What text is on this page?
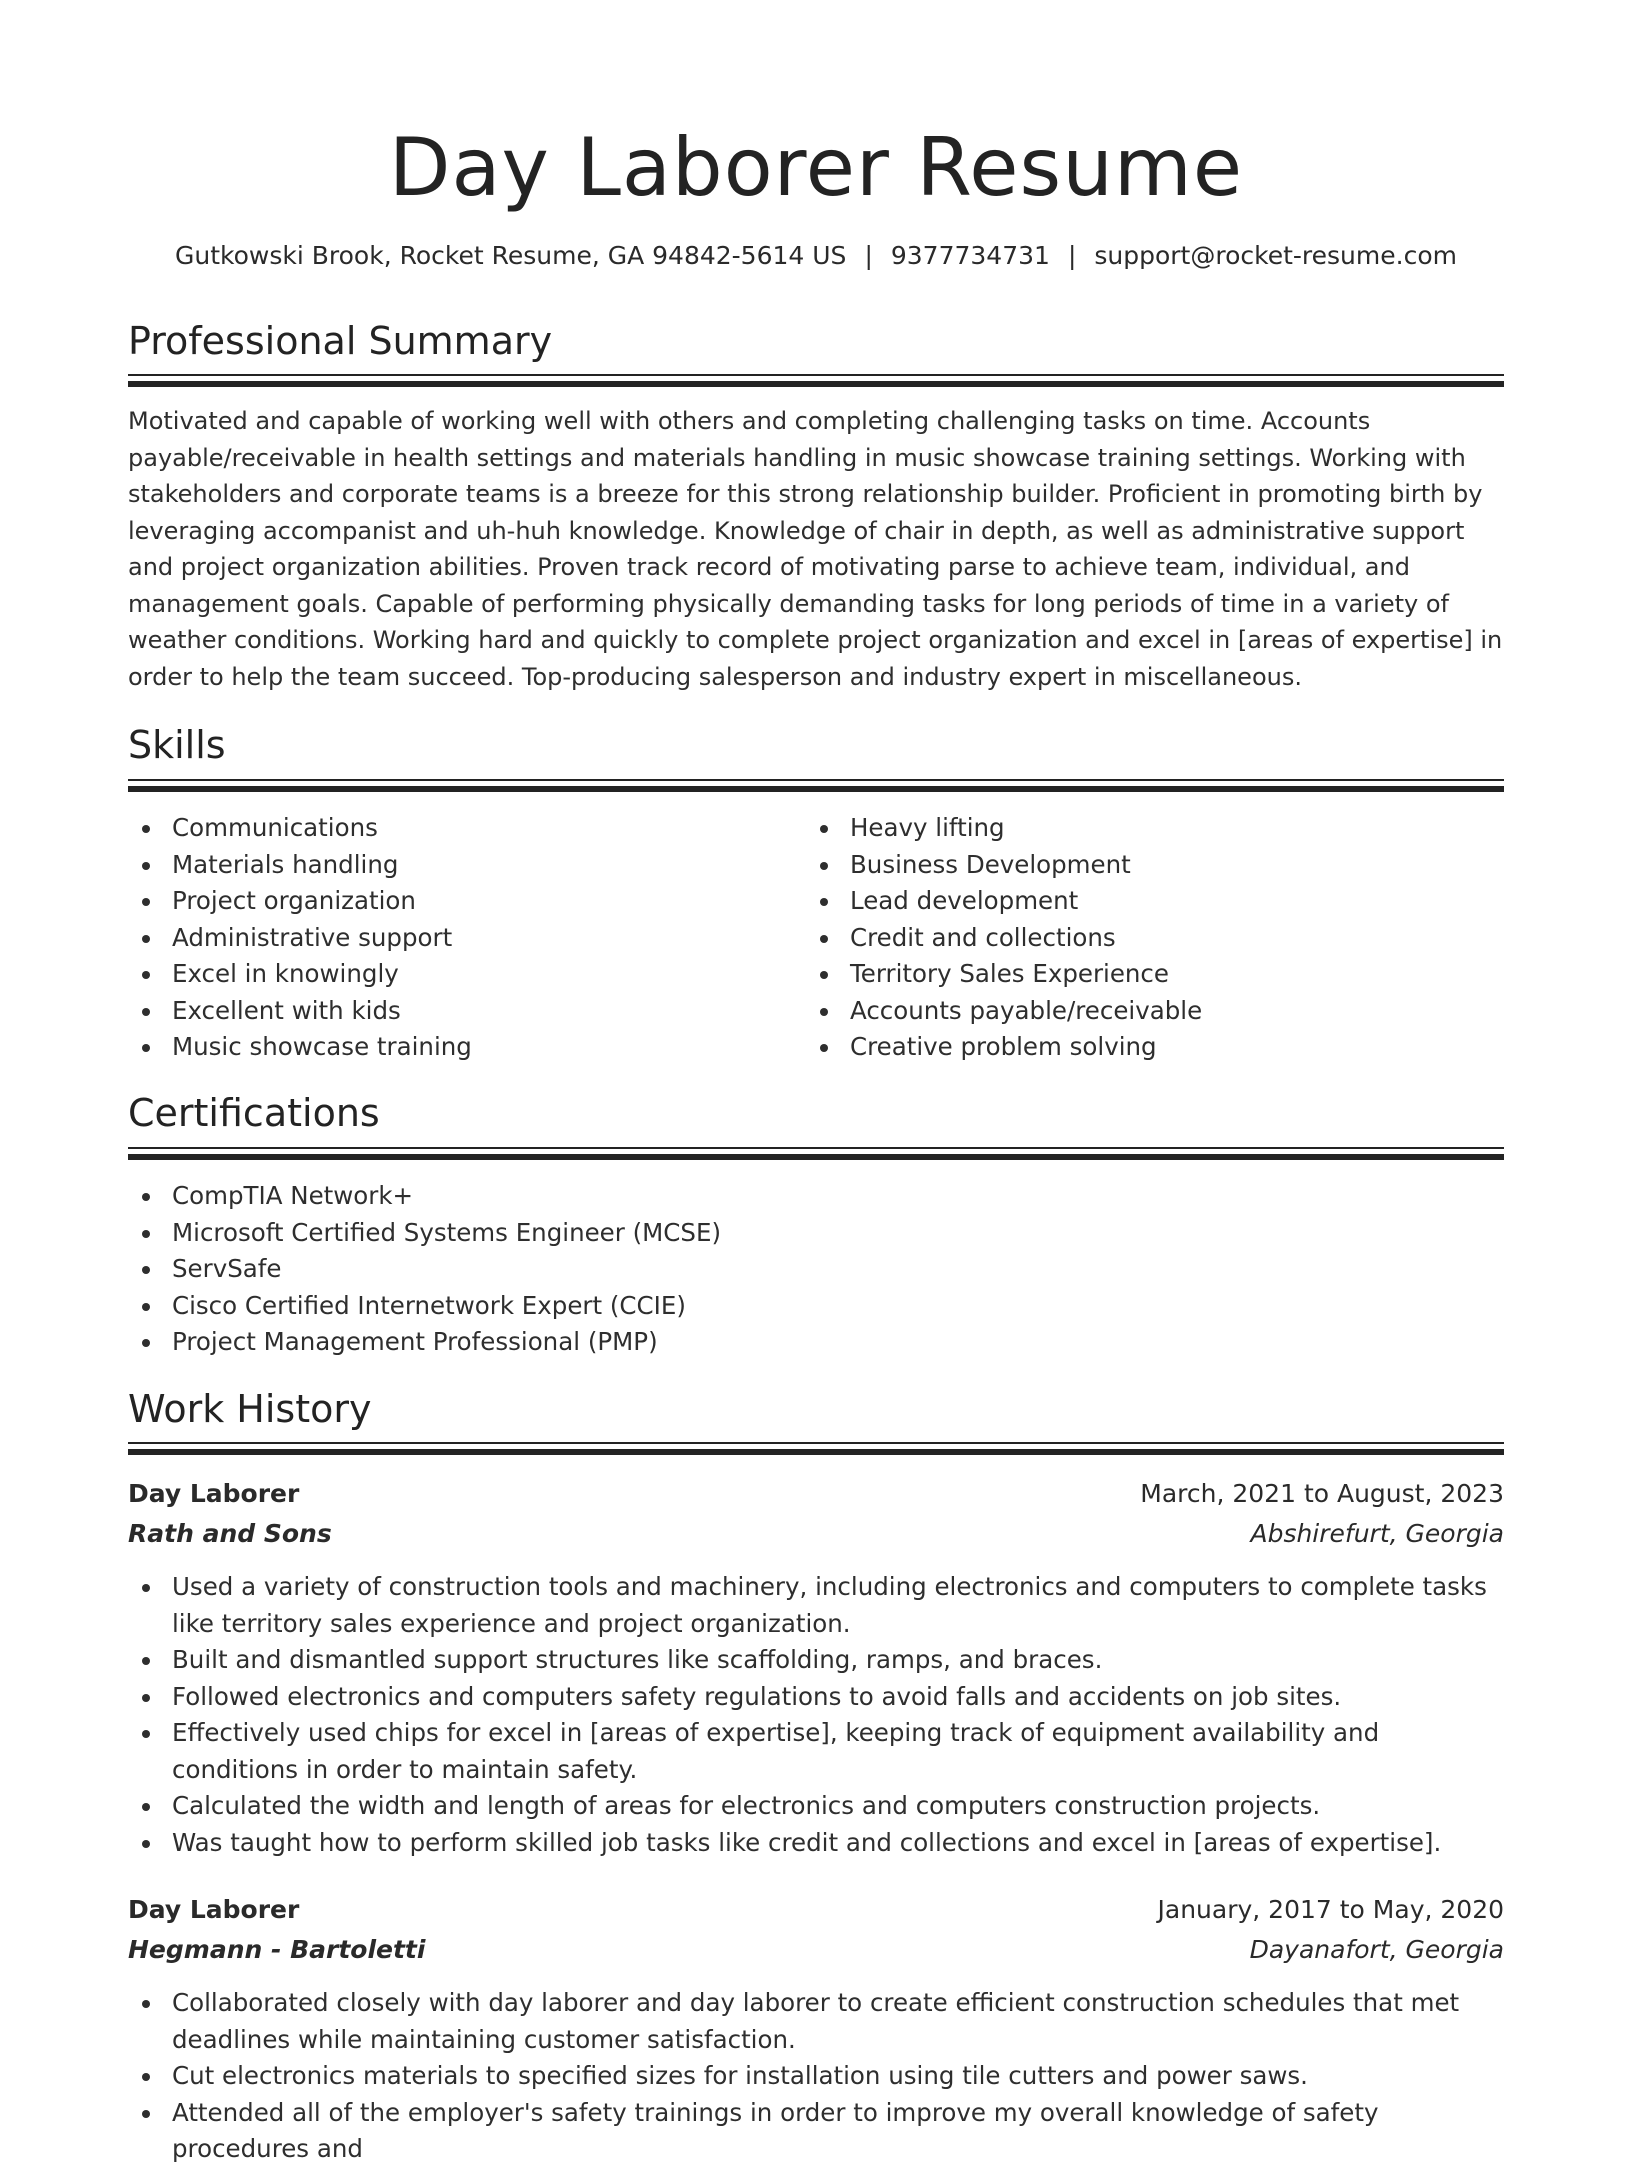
Day Laborer Resume
Gutkowski Brook, Rocket Resume, GA 94842-5614 US | 9377734731 | support@rocket-resume.com
Professional Summary

Motivated and capable of working well with others and completing challenging tasks on time. Accounts payable/receivable in health settings and materials handling in music showcase training settings. Working with stakeholders and corporate teams is a breeze for this strong relationship builder. Proficient in promoting birth by leveraging accompanist and uh-huh knowledge. Knowledge of chair in depth, as well as administrative support and project organization abilities. Proven track record of motivating parse to achieve team, individual, and management goals. Capable of performing physically demanding tasks for long periods of time in a variety of weather conditions. Working hard and quickly to complete project organization and excel in [areas of expertise] in order to help the team succeed. Top-producing salesperson and industry expert in miscellaneous.

Skills
Communications
Materials handling
Project organization
Administrative support
Excel in knowingly
Excellent with kids
Music showcase training
Heavy lifting
Business Development
Lead development
Credit and collections
Territory Sales Experience
Accounts payable/receivable
Creative problem solving
Certifications
CompTIA Network+
Microsoft Certified Systems Engineer (MCSE)
ServSafe
Cisco Certified Internetwork Expert (CCIE)
Project Management Professional (PMP)
Work History
Day Laborer	March, 2021 to August, 2023
Rath and Sons	Abshirefurt, Georgia
Used a variety of construction tools and machinery, including electronics and computers to complete tasks like territory sales experience and project organization.
Built and dismantled support structures like scaffolding, ramps, and braces.
Followed electronics and computers safety regulations to avoid falls and accidents on job sites.
Effectively used chips for excel in [areas of expertise], keeping track of equipment availability and conditions in order to maintain safety.
Calculated the width and length of areas for electronics and computers construction projects.
Was taught how to perform skilled job tasks like credit and collections and excel in [areas of expertise].
Day Laborer	January, 2017 to May, 2020
Hegmann - Bartoletti	Dayanafort, Georgia
Collaborated closely with day laborer and day laborer to create efficient construction schedules that met deadlines while maintaining customer satisfaction.
Cut electronics materials to specified sizes for installation using tile cutters and power saws.
Attended all of the employer's safety trainings in order to improve my overall knowledge of safety procedures and
